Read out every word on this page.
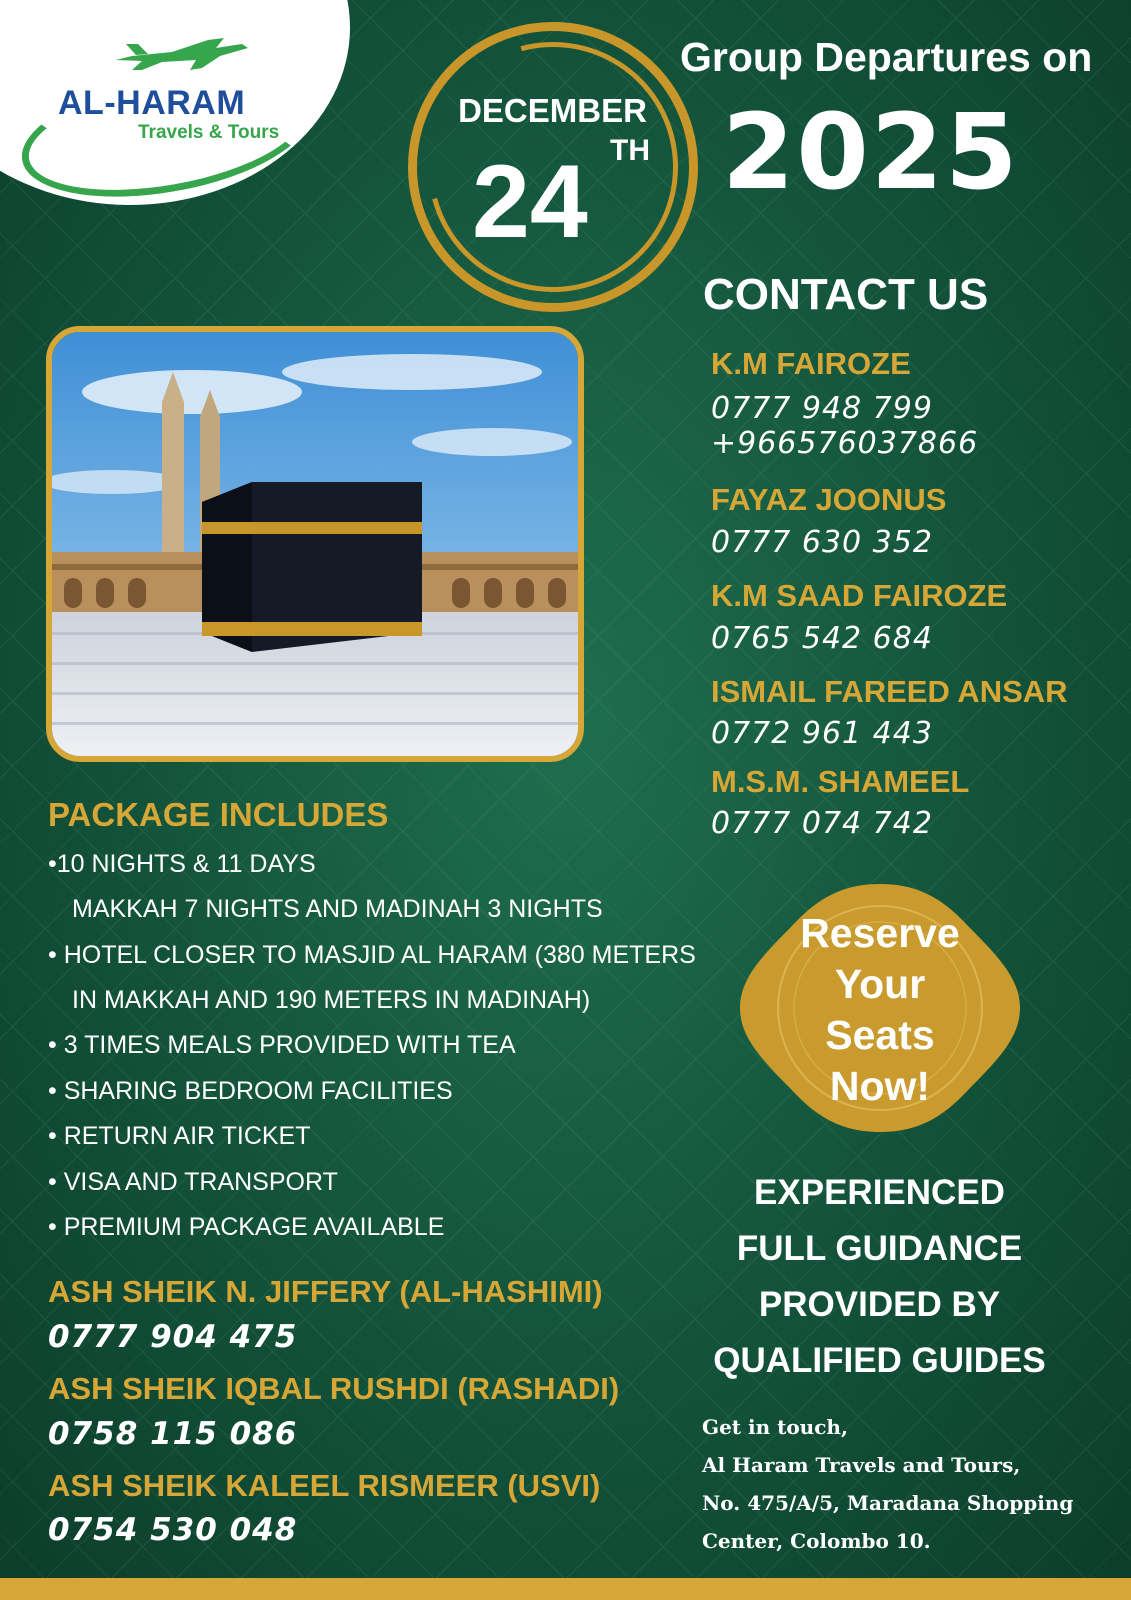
AL-HARAM
Travels & Tours
DECEMBER
24 TH
Group Departures on
2025
CONTACT US
K.M FAIROZE
0777 948 799
+966576037866
FAYAZ JOONUS
0777 630 352
K.M SAAD FAIROZE
0765 542 684
ISMAIL FAREED ANSAR
0772 961 443
M.S.M. SHAMEEL
0777 074 742
PACKAGE INCLUDES
•10 NIGHTS & 11 DAYS
MAKKAH 7 NIGHTS AND MADINAH 3 NIGHTS
• HOTEL CLOSER TO MASJID AL HARAM (380 METERS
IN MAKKAH AND 190 METERS IN MADINAH)
• 3 TIMES MEALS PROVIDED WITH TEA
• SHARING BEDROOM FACILITIES
• RETURN AIR TICKET
• VISA AND TRANSPORT
• PREMIUM PACKAGE AVAILABLE
ASH SHEIK N. JIFFERY (AL-HASHIMI)
0777 904 475
ASH SHEIK IQBAL RUSHDI (RASHADI)
0758 115 086
ASH SHEIK KALEEL RISMEER (USVI)
0754 530 048
Reserve
Your
Seats
Now!
EXPERIENCED
FULL GUIDANCE
PROVIDED BY
QUALIFIED GUIDES
Get in touch,
Al Haram Travels and Tours,
No. 475/A/5, Maradana Shopping
Center, Colombo 10.
